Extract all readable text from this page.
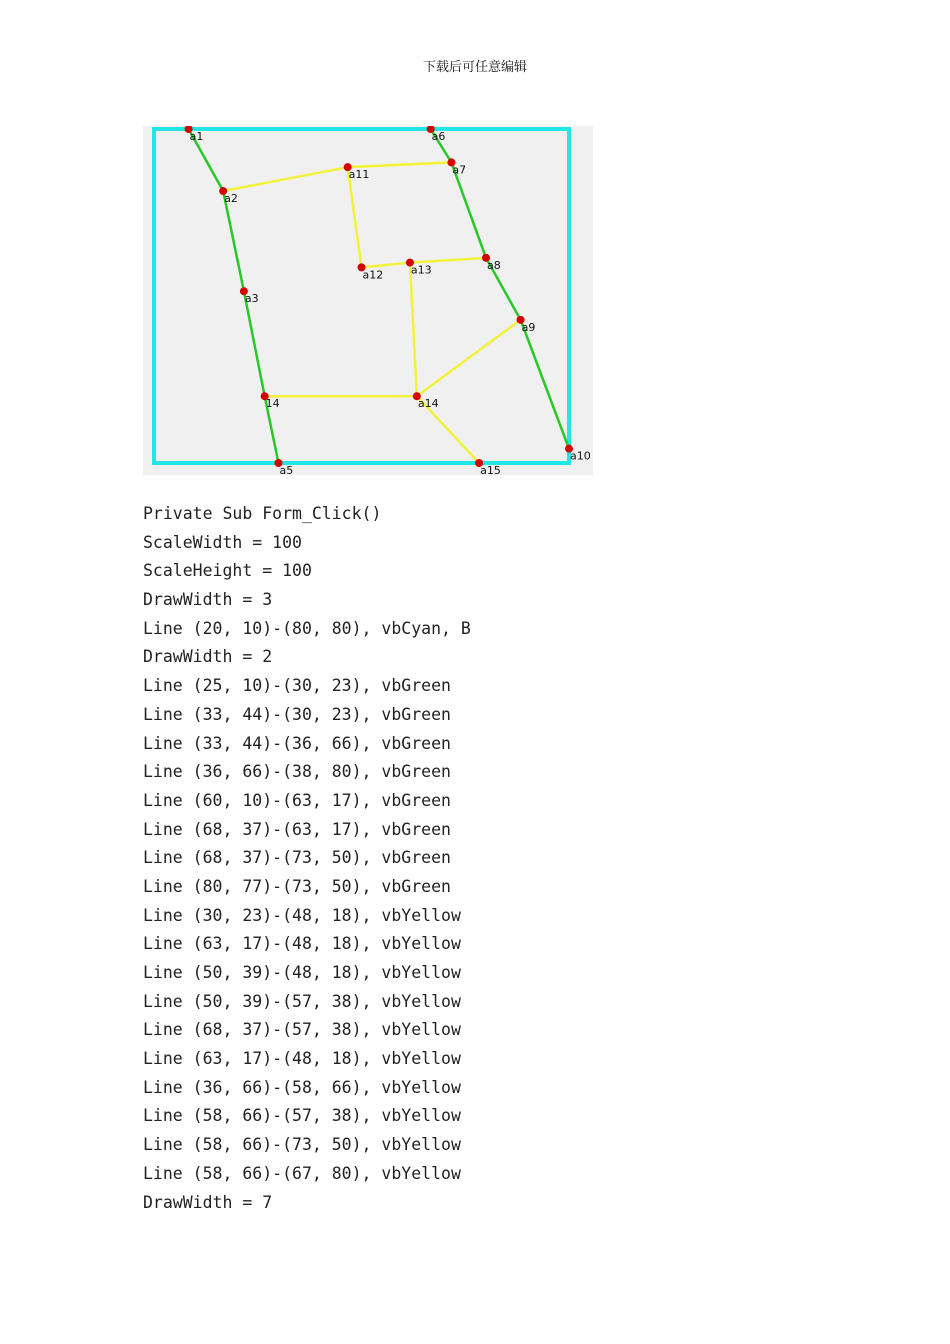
下载后可任意编辑
a1
a2
a3
14
a5
a6
a7
a8
a9
a10
a11
a12	a13
a14
a15
Private Sub Form_Click()
ScaleWidth = 100
ScaleHeight = 100
DrawWidth = 3
Line (20, 10)-(80, 80), vbCyan, B
DrawWidth = 2
Line (25, 10)-(30, 23), vbGreen
Line (33, 44)-(30, 23), vbGreen
Line (33, 44)-(36, 66), vbGreen
Line (36, 66)-(38, 80), vbGreen
Line (60, 10)-(63, 17), vbGreen
Line (68, 37)-(63, 17), vbGreen
Line (68, 37)-(73, 50), vbGreen
Line (80, 77)-(73, 50), vbGreen
Line (30, 23)-(48, 18), vbYellow
Line (63, 17)-(48, 18), vbYellow
Line (50, 39)-(48, 18), vbYellow
Line (50, 39)-(57, 38), vbYellow
Line (68, 37)-(57, 38), vbYellow
Line (63, 17)-(48, 18), vbYellow
Line (36, 66)-(58, 66), vbYellow
Line (58, 66)-(57, 38), vbYellow
Line (58, 66)-(73, 50), vbYellow
Line (58, 66)-(67, 80), vbYellow
DrawWidth = 7
